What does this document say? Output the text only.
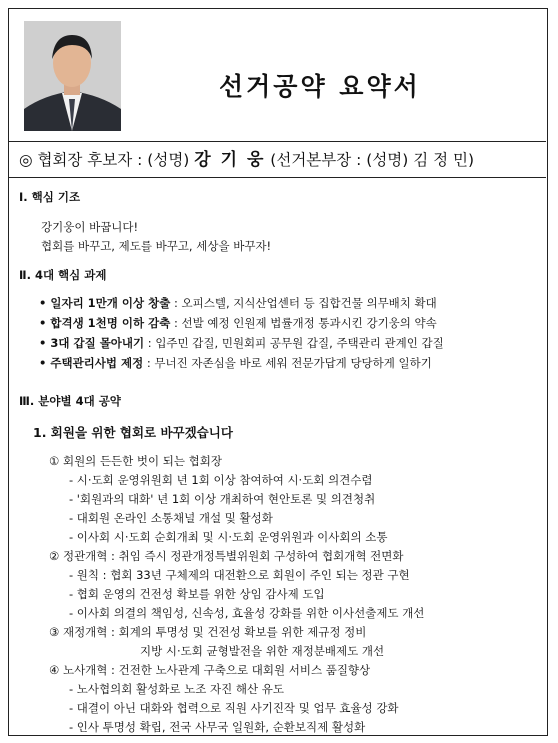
선거공약 요약서
◎ 협회장 후보자 : (성명) 강 기 웅 (선거본부장 : (성명) 김 정 민)
Ⅰ. 핵심 기조
강기웅이 바꿉니다!
협회를 바꾸고, 제도를 바꾸고, 세상을 바꾸자!
Ⅱ. 4대 핵심 과제
• 일자리 1만개 이상 창출 : 오피스텔, 지식산업센터 등 집합건물 의무배치 확대
• 합격생 1천명 이하 감축 : 선발 예정 인원제 법률개정 통과시킨 강기웅의 약속
• 3대 갑질 몰아내기 : 입주민 갑질, 민원회피 공무원 갑질, 주택관리 관계인 갑질
• 주택관리사법 제정 : 무너진 자존심을 바로 세워 전문가답게 당당하게 일하기
Ⅲ. 분야별 4대 공약
1. 회원을 위한 협회로 바꾸겠습니다
① 회원의 든든한 벗이 되는 협회장
- 시·도회 운영위원회 년 1회 이상 참여하여 시·도회 의견수렴
- '회원과의 대화' 년 1회 이상 개최하여 현안토론 및 의견청취
- 대회원 온라인 소통채널 개설 및 활성화
- 이사회 시·도회 순회개최 및 시·도회 운영위원과 이사회의 소통
② 정관개혁 : 취임 즉시 정관개정특별위원회 구성하여 협회개혁 전면화
- 원칙 : 협회 33년 구체제의 대전환으로 회원이 주인 되는 정관 구현
- 협회 운영의 건전성 확보를 위한 상임 감사제 도입
- 이사회 의결의 책임성, 신속성, 효율성 강화를 위한 이사선출제도 개선
③ 재정개혁 : 회계의 투명성 및 건전성 확보를 위한 제규정 정비
지방 시·도회 균형발전을 위한 재정분배제도 개선
④ 노사개혁 : 건전한 노사관계 구축으로 대회원 서비스 품질향상
- 노사협의회 활성화로 노조 자진 해산 유도
- 대결이 아닌 대화와 협력으로 직원 사기진작 및 업무 효율성 강화
- 인사 투명성 확립, 전국 사무국 일원화, 순환보직제 활성화
